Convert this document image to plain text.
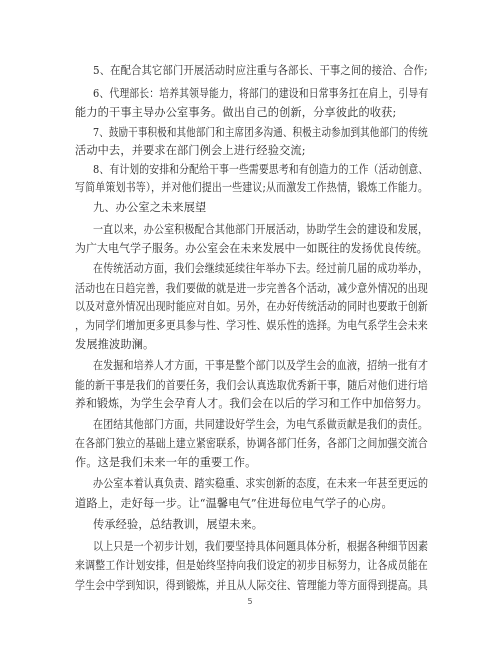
5、在配合其它部门开展活动时应注重与各部长、干事之间的接洽、合作;
6、代理部长：培养其领导能力，将部门的建设和日常事务扛在肩上，引导有
能力的干事主导办公室事务。做出自己的创新，分享彼此的收获;
7、鼓励干事积极和其他部门和主席团多沟通、积极主动参加到其他部门的传统
活动中去，并要求在部门例会上进行经验交流;
8、有计划的安排和分配给干事一些需要思考和有创造力的工作（活动创意、
写简单策划书等），并对他们提出一些建议;从而激发工作热情，锻炼工作能力。
九、办公室之未来展望
一直以来，办公室积极配合其他部门开展活动，协助学生会的建设和发展，
为广大电气学子服务。办公室会在未来发展中一如既往的发扬优良传统。
在传统活动方面，我们会继续延续往年举办下去。经过前几届的成功举办，
活动也在日趋完善，我们要做的就是进一步完善各个活动，减少意外情况的出现
以及对意外情况出现时能应对自如。另外，在办好传统活动的同时也要敢于创新
，为同学们增加更多更具参与性、学习性、娱乐性的选择。为电气系学生会未来
发展推波助澜。
在发掘和培养人才方面，干事是整个部门以及学生会的血液，招纳一批有才
能的新干事是我们的首要任务，我们会认真选取优秀新干事，随后对他们进行培
养和锻炼，为学生会孕育人才。我们会在以后的学习和工作中加倍努力。
在团结其他部门方面，共同建设好学生会，为电气系做贡献是我们的责任。
在各部门独立的基础上建立紧密联系，协调各部门任务，各部门之间加强交流合
作。这是我们未来一年的重要工作。
办公室本着认真负责、踏实稳重、求实创新的态度，在未来一年甚至更远的
道路上，走好每一步。让“温馨电气”住进每位电气学子的心房。
传承经验，总结教训，展望未来。
以上只是一个初步计划，我们要坚持具体问题具体分析，根据各种细节因素
来调整工作计划安排，但是始终坚持向我们设定的初步目标努力，让各成员能在
学生会中学到知识，得到锻炼，并且从人际交往、管理能力等方面得到提高。具
5
